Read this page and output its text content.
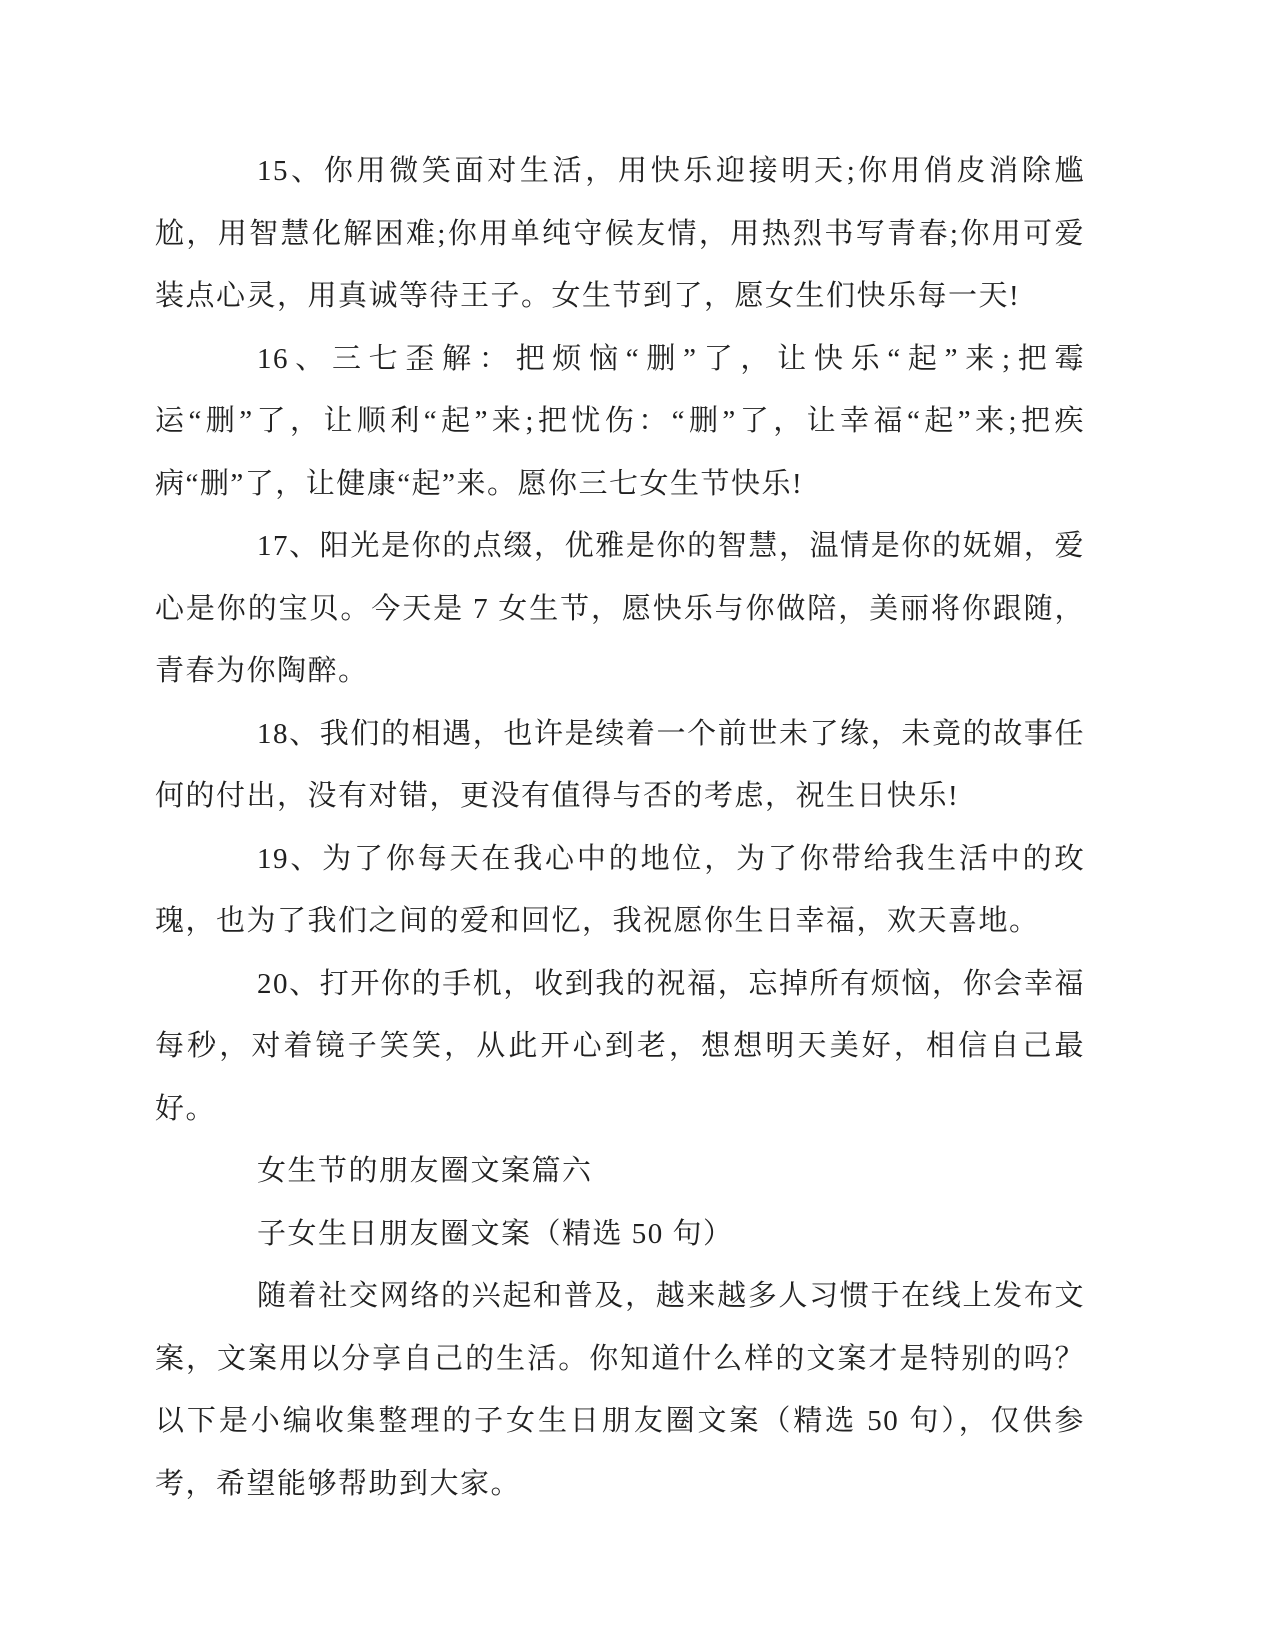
15、你用微笑面对生活，用快乐迎接明天;你用俏皮消除尴尬，用智慧化解困难;你用单纯守候友情，用热烈书写青春;你用可爱装点心灵，用真诚等待王子。女生节到了，愿女生们快乐每一天!

16、三七歪解：把烦恼“删”了，让快乐“起”来;把霉运“删”了，让顺利“起”来;把忧伤：“删”了，让幸福“起”来;把疾病“删”了，让健康“起”来。愿你三七女生节快乐!

17、阳光是你的点缀，优雅是你的智慧，温情是你的妩媚，爱心是你的宝贝。今天是 7 女生节，愿快乐与你做陪，美丽将你跟随，青春为你陶醉。

18、我们的相遇，也许是续着一个前世未了缘，未竟的故事任何的付出，没有对错，更没有值得与否的考虑，祝生日快乐!

19、为了你每天在我心中的地位，为了你带给我生活中的玫瑰，也为了我们之间的爱和回忆，我祝愿你生日幸福，欢天喜地。

20、打开你的手机，收到我的祝福，忘掉所有烦恼，你会幸福每秒，对着镜子笑笑，从此开心到老，想想明天美好，相信自己最好。

女生节的朋友圈文案篇六

子女生日朋友圈文案（精选 50 句）

随着社交网络的兴起和普及，越来越多人习惯于在线上发布文案，文案用以分享自己的生活。你知道什么样的文案才是特别的吗？以下是小编收集整理的子女生日朋友圈文案（精选 50 句），仅供参考，希望能够帮助到大家。
